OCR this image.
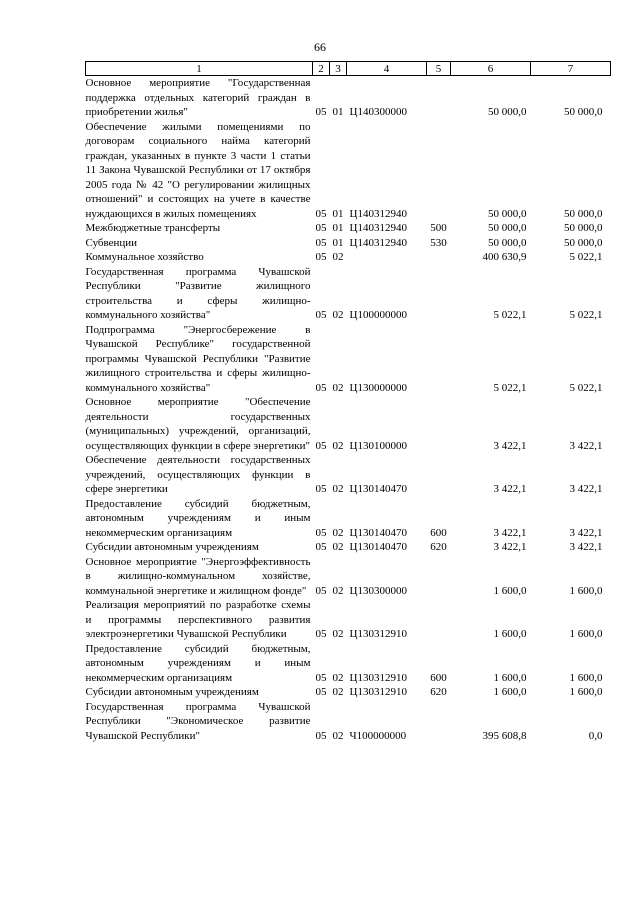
66
1	2	3	4	5	6	7
Основное мероприятие "Государственная поддержка отдельных категорий граждан в приобретении жилья"	05	01	Ц140300000		50 000,0	50 000,0
Обеспечение жилыми помещениями по договорам социального найма категорий граждан, указанных в пункте 3 части 1 статьи 11 Закона Чувашской Республики от 17 октября 2005 года № 42 "О регулировании жилищных отношений" и состоящих на учете в качестве нуждающихся в жилых помещениях	05	01	Ц140312940		50 000,0	50 000,0
Межбюджетные трансферты	05	01	Ц140312940	500	50 000,0	50 000,0
Субвенции	05	01	Ц140312940	530	50 000,0	50 000,0
Коммунальное хозяйство	05	02			400 630,9	5 022,1
Государственная программа Чувашской Республики "Развитие жилищного строительства и сферы жилищно-коммунального хозяйства"	05	02	Ц100000000		5 022,1	5 022,1
Подпрограмма "Энергосбережение в Чувашской Республике" государственной программы Чувашской Республики "Развитие жилищного строительства и сферы жилищно-коммунального хозяйства"	05	02	Ц130000000		5 022,1	5 022,1
Основное мероприятие "Обеспечение деятельности государственных (муниципальных) учреждений, организаций, осуществляющих функции в сфере энергетики"	05	02	Ц130100000		3 422,1	3 422,1
Обеспечение деятельности государственных учреждений, осуществляющих функции в сфере энергетики	05	02	Ц130140470		3 422,1	3 422,1
Предоставление субсидий бюджетным, автономным учреждениям и иным некоммерческим организациям	05	02	Ц130140470	600	3 422,1	3 422,1
Субсидии автономным учреждениям	05	02	Ц130140470	620	3 422,1	3 422,1
Основное мероприятие "Энергоэффективность в жилищно-коммунальном хозяйстве, коммунальной энергетике и жилищном фонде"	05	02	Ц130300000		1 600,0	1 600,0
Реализация мероприятий по разработке схемы и программы перспективного развития электроэнергетики Чувашской Республики	05	02	Ц130312910		1 600,0	1 600,0
Предоставление субсидий бюджетным, автономным учреждениям и иным некоммерческим организациям	05	02	Ц130312910	600	1 600,0	1 600,0
Субсидии автономным учреждениям	05	02	Ц130312910	620	1 600,0	1 600,0
Государственная программа Чувашской Республики "Экономическое развитие Чувашской Республики"	05	02	Ч100000000		395 608,8	0,0
